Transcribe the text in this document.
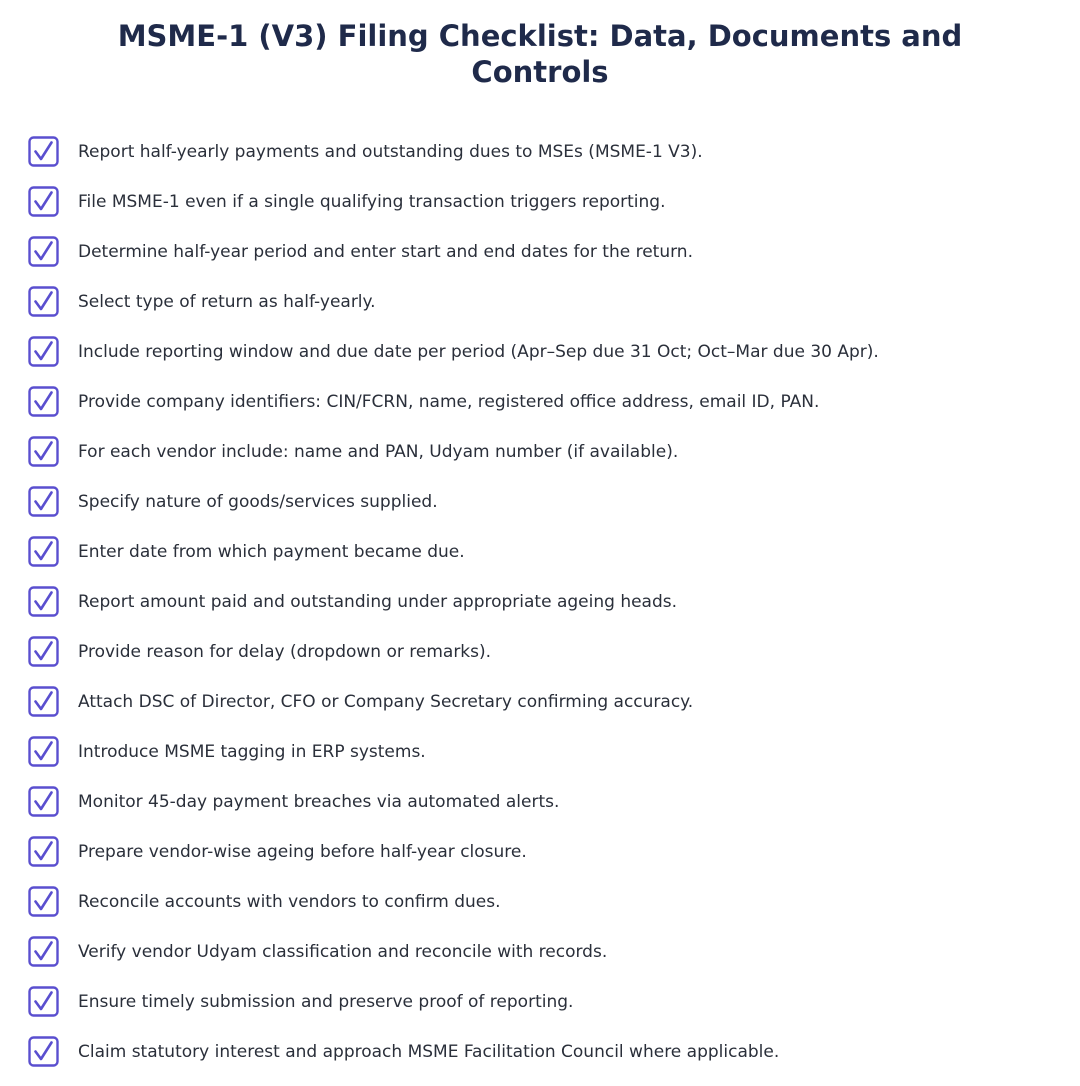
MSME-1 (V3) Filing Checklist: Data, Documents and Controls
Report half-yearly payments and outstanding dues to MSEs (MSME-1 V3).
File MSME-1 even if a single qualifying transaction triggers reporting.
Determine half-year period and enter start and end dates for the return.
Select type of return as half-yearly.
Include reporting window and due date per period (Apr–Sep due 31 Oct; Oct–Mar due 30 Apr).
Provide company identifiers: CIN/FCRN, name, registered office address, email ID, PAN.
For each vendor include: name and PAN, Udyam number (if available).
Specify nature of goods/services supplied.
Enter date from which payment became due.
Report amount paid and outstanding under appropriate ageing heads.
Provide reason for delay (dropdown or remarks).
Attach DSC of Director, CFO or Company Secretary confirming accuracy.
Introduce MSME tagging in ERP systems.
Monitor 45-day payment breaches via automated alerts.
Prepare vendor-wise ageing before half-year closure.
Reconcile accounts with vendors to confirm dues.
Verify vendor Udyam classification and reconcile with records.
Ensure timely submission and preserve proof of reporting.
Claim statutory interest and approach MSME Facilitation Council where applicable.
